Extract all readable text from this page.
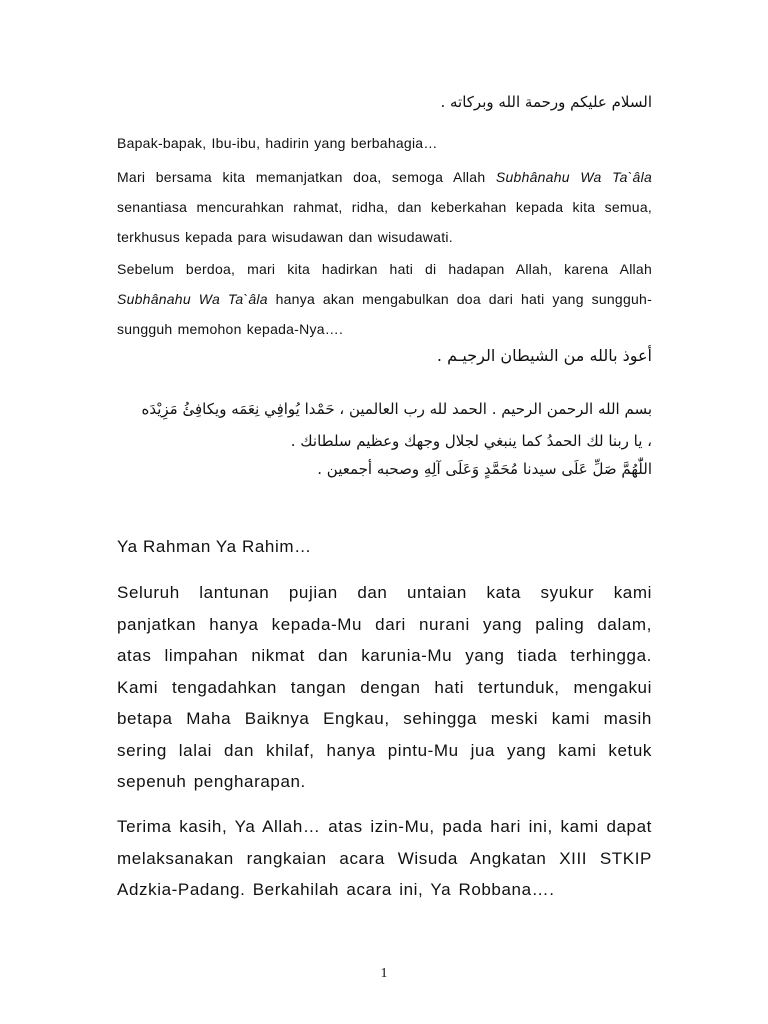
السلام عليكم ورحمة الله وبركاته .

Bapak-bapak, Ibu-ibu, hadirin yang berbahagia…

Mari bersama kita memanjatkan doa, semoga Allah Subhânahu Wa Ta`âla senantiasa mencurahkan rahmat, ridha, dan keberkahan kepada kita semua, terkhusus kepada para wisudawan dan wisudawati.

Sebelum berdoa, mari kita hadirkan hati di hadapan Allah, karena Allah Subhânahu Wa Ta`âla hanya akan mengabulkan doa dari hati yang sungguh-sungguh memohon kepada-Nya….

أعوذ بالله من الشيطان الرجيـم .

بسم الله الرحمن الرحيم . الحمد لله رب العالمين ، حَمْدا يُوافِي نِعَمَه ويكافِئُ مَزِيْدَه
، يا ربنا لك الحمدُ كما ينبغي لجلال وجهك وعظيم سلطانك .

اللّٰهُمَّ صَلِّ عَلَى سيدنا مُحَمَّدٍ وَعَلَى آلِهِ وصحبه أجمعين .

Ya Rahman Ya Rahim…
Seluruh lantunan pujian dan untaian kata syukur kami panjatkan hanya kepada-Mu dari nurani yang paling dalam, atas limpahan nikmat dan karunia-Mu yang tiada terhingga. Kami tengadahkan tangan dengan hati tertunduk, mengakui betapa Maha Baiknya Engkau, sehingga meski kami masih sering lalai dan khilaf, hanya pintu-Mu jua yang kami ketuk sepenuh pengharapan.
Terima kasih, Ya Allah… atas izin-Mu, pada hari ini, kami dapat melaksanakan rangkaian acara Wisuda Angkatan XIII STKIP Adzkia-Padang. Berkahilah acara ini, Ya Robbana….
1
